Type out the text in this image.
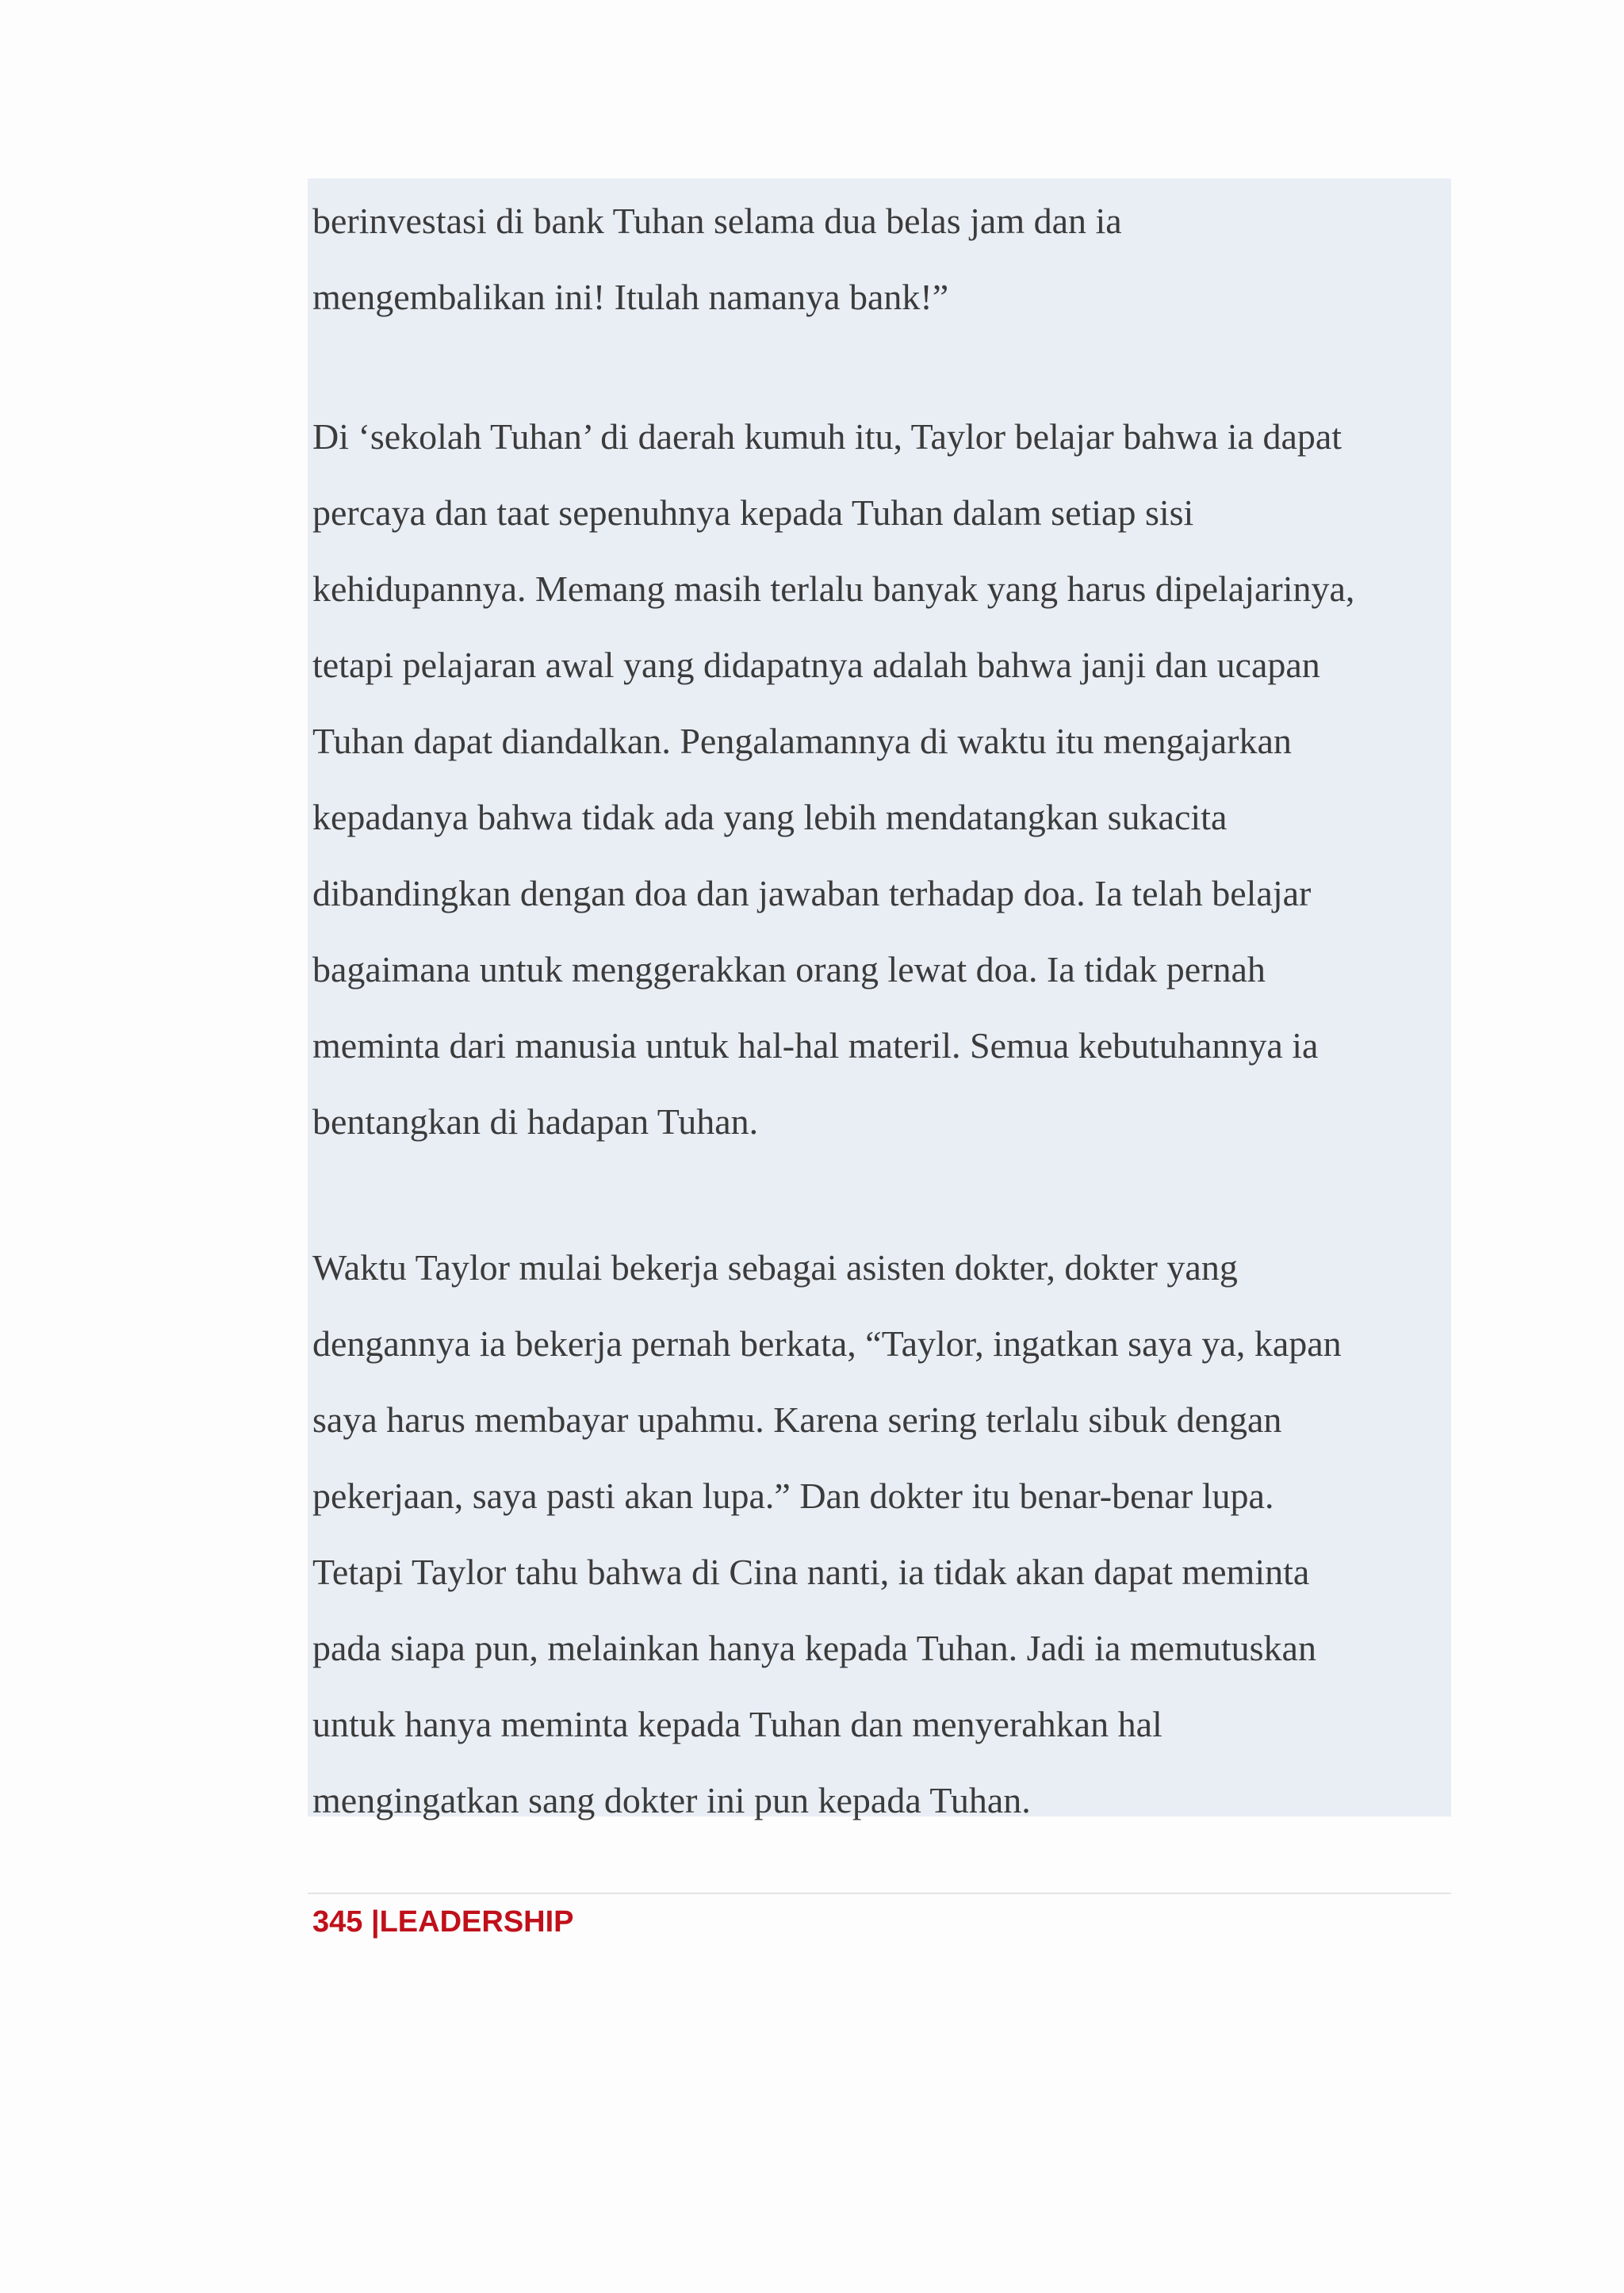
berinvestasi di bank Tuhan selama dua belas jam dan ia
mengembalikan ini! Itulah namanya bank!”

Di ‘sekolah Tuhan’ di daerah kumuh itu, Taylor belajar bahwa ia dapat
percaya dan taat sepenuhnya kepada Tuhan dalam setiap sisi
kehidupannya. Memang masih terlalu banyak yang harus dipelajarinya,
tetapi pelajaran awal yang didapatnya adalah bahwa janji dan ucapan
Tuhan dapat diandalkan. Pengalamannya di waktu itu mengajarkan
kepadanya bahwa tidak ada yang lebih mendatangkan sukacita
dibandingkan dengan doa dan jawaban terhadap doa. Ia telah belajar
bagaimana untuk menggerakkan orang lewat doa. Ia tidak pernah
meminta dari manusia untuk hal-hal materil. Semua kebutuhannya ia
bentangkan di hadapan Tuhan.

Waktu Taylor mulai bekerja sebagai asisten dokter, dokter yang
dengannya ia bekerja pernah berkata, “Taylor, ingatkan saya ya, kapan
saya harus membayar upahmu. Karena sering terlalu sibuk dengan
pekerjaan, saya pasti akan lupa.” Dan dokter itu benar-benar lupa.
Tetapi Taylor tahu bahwa di Cina nanti, ia tidak akan dapat meminta
pada siapa pun, melainkan hanya kepada Tuhan. Jadi ia memutuskan
untuk hanya meminta kepada Tuhan dan menyerahkan hal
mengingatkan sang dokter ini pun kepada Tuhan.

345 |LEADERSHIP
